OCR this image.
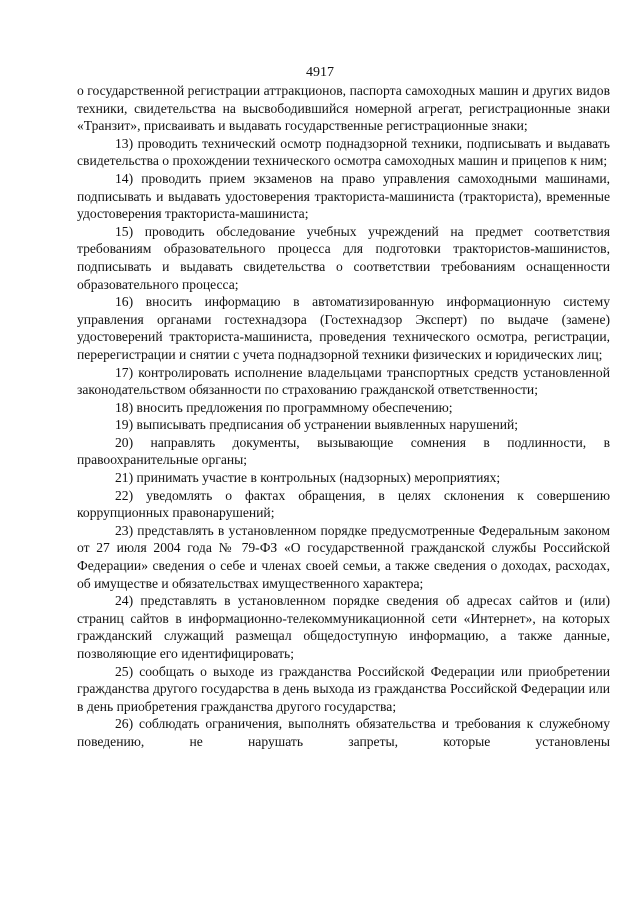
4917

о государственной регистрации аттракционов, паспорта самоходных машин и других видов техники, свидетельства на высвободившийся номерной агрегат, регистрационные знаки «Транзит», присваивать и выдавать государственные регистрационные знаки;

13) проводить технический осмотр поднадзорной техники, подписывать и выдавать свидетельства о прохождении технического осмотра самоходных машин и прицепов к ним;

14) проводить прием экзаменов на право управления самоходными машинами, подписывать и выдавать удостоверения тракториста-машиниста (тракториста), временные удостоверения тракториста-машиниста;

15) проводить обследование учебных учреждений на предмет соответствия требованиям образовательного процесса для подготовки трактористов-машинистов, подписывать и выдавать свидетельства о соответствии требованиям оснащенности образовательного процесса;

16) вносить информацию в автоматизированную информационную систему управления органами гостехнадзора (Гостехнадзор Эксперт) по выдаче (замене) удостоверений тракториста-машиниста, проведения технического осмотра, регистрации, перерегистрации и снятии с учета поднадзорной техники физических и юридических лиц;

17) контролировать исполнение владельцами транспортных средств установленной законодательством обязанности по страхованию гражданской ответственности;

18) вносить предложения по программному обеспечению;

19) выписывать предписания об устранении выявленных нарушений;

20) направлять документы, вызывающие сомнения в подлинности, в правоохранительные органы;

21) принимать участие в контрольных (надзорных) мероприятиях;

22) уведомлять о фактах обращения, в целях склонения к совершению коррупционных правонарушений;

23) представлять в установленном порядке предусмотренные Федеральным законом от 27 июля 2004 года № 79-ФЗ «О государственной гражданской службы Российской Федерации» сведения о себе и членах своей семьи, а также сведения о доходах, расходах, об имуществе и обязательствах имущественного характера;

24) представлять в установленном порядке сведения об адресах сайтов и (или) страниц сайтов в информационно-телекоммуникационной сети «Интернет», на которых гражданский служащий размещал общедоступную информацию, а также данные, позволяющие его идентифицировать;

25) сообщать о выходе из гражданства Российской Федерации или приобретении гражданства другого государства в день выхода из гражданства Российской Федерации или в день приобретения гражданства другого государства;

26) соблюдать ограничения, выполнять обязательства и требования к служебному поведению, не нарушать запреты, которые установлены
